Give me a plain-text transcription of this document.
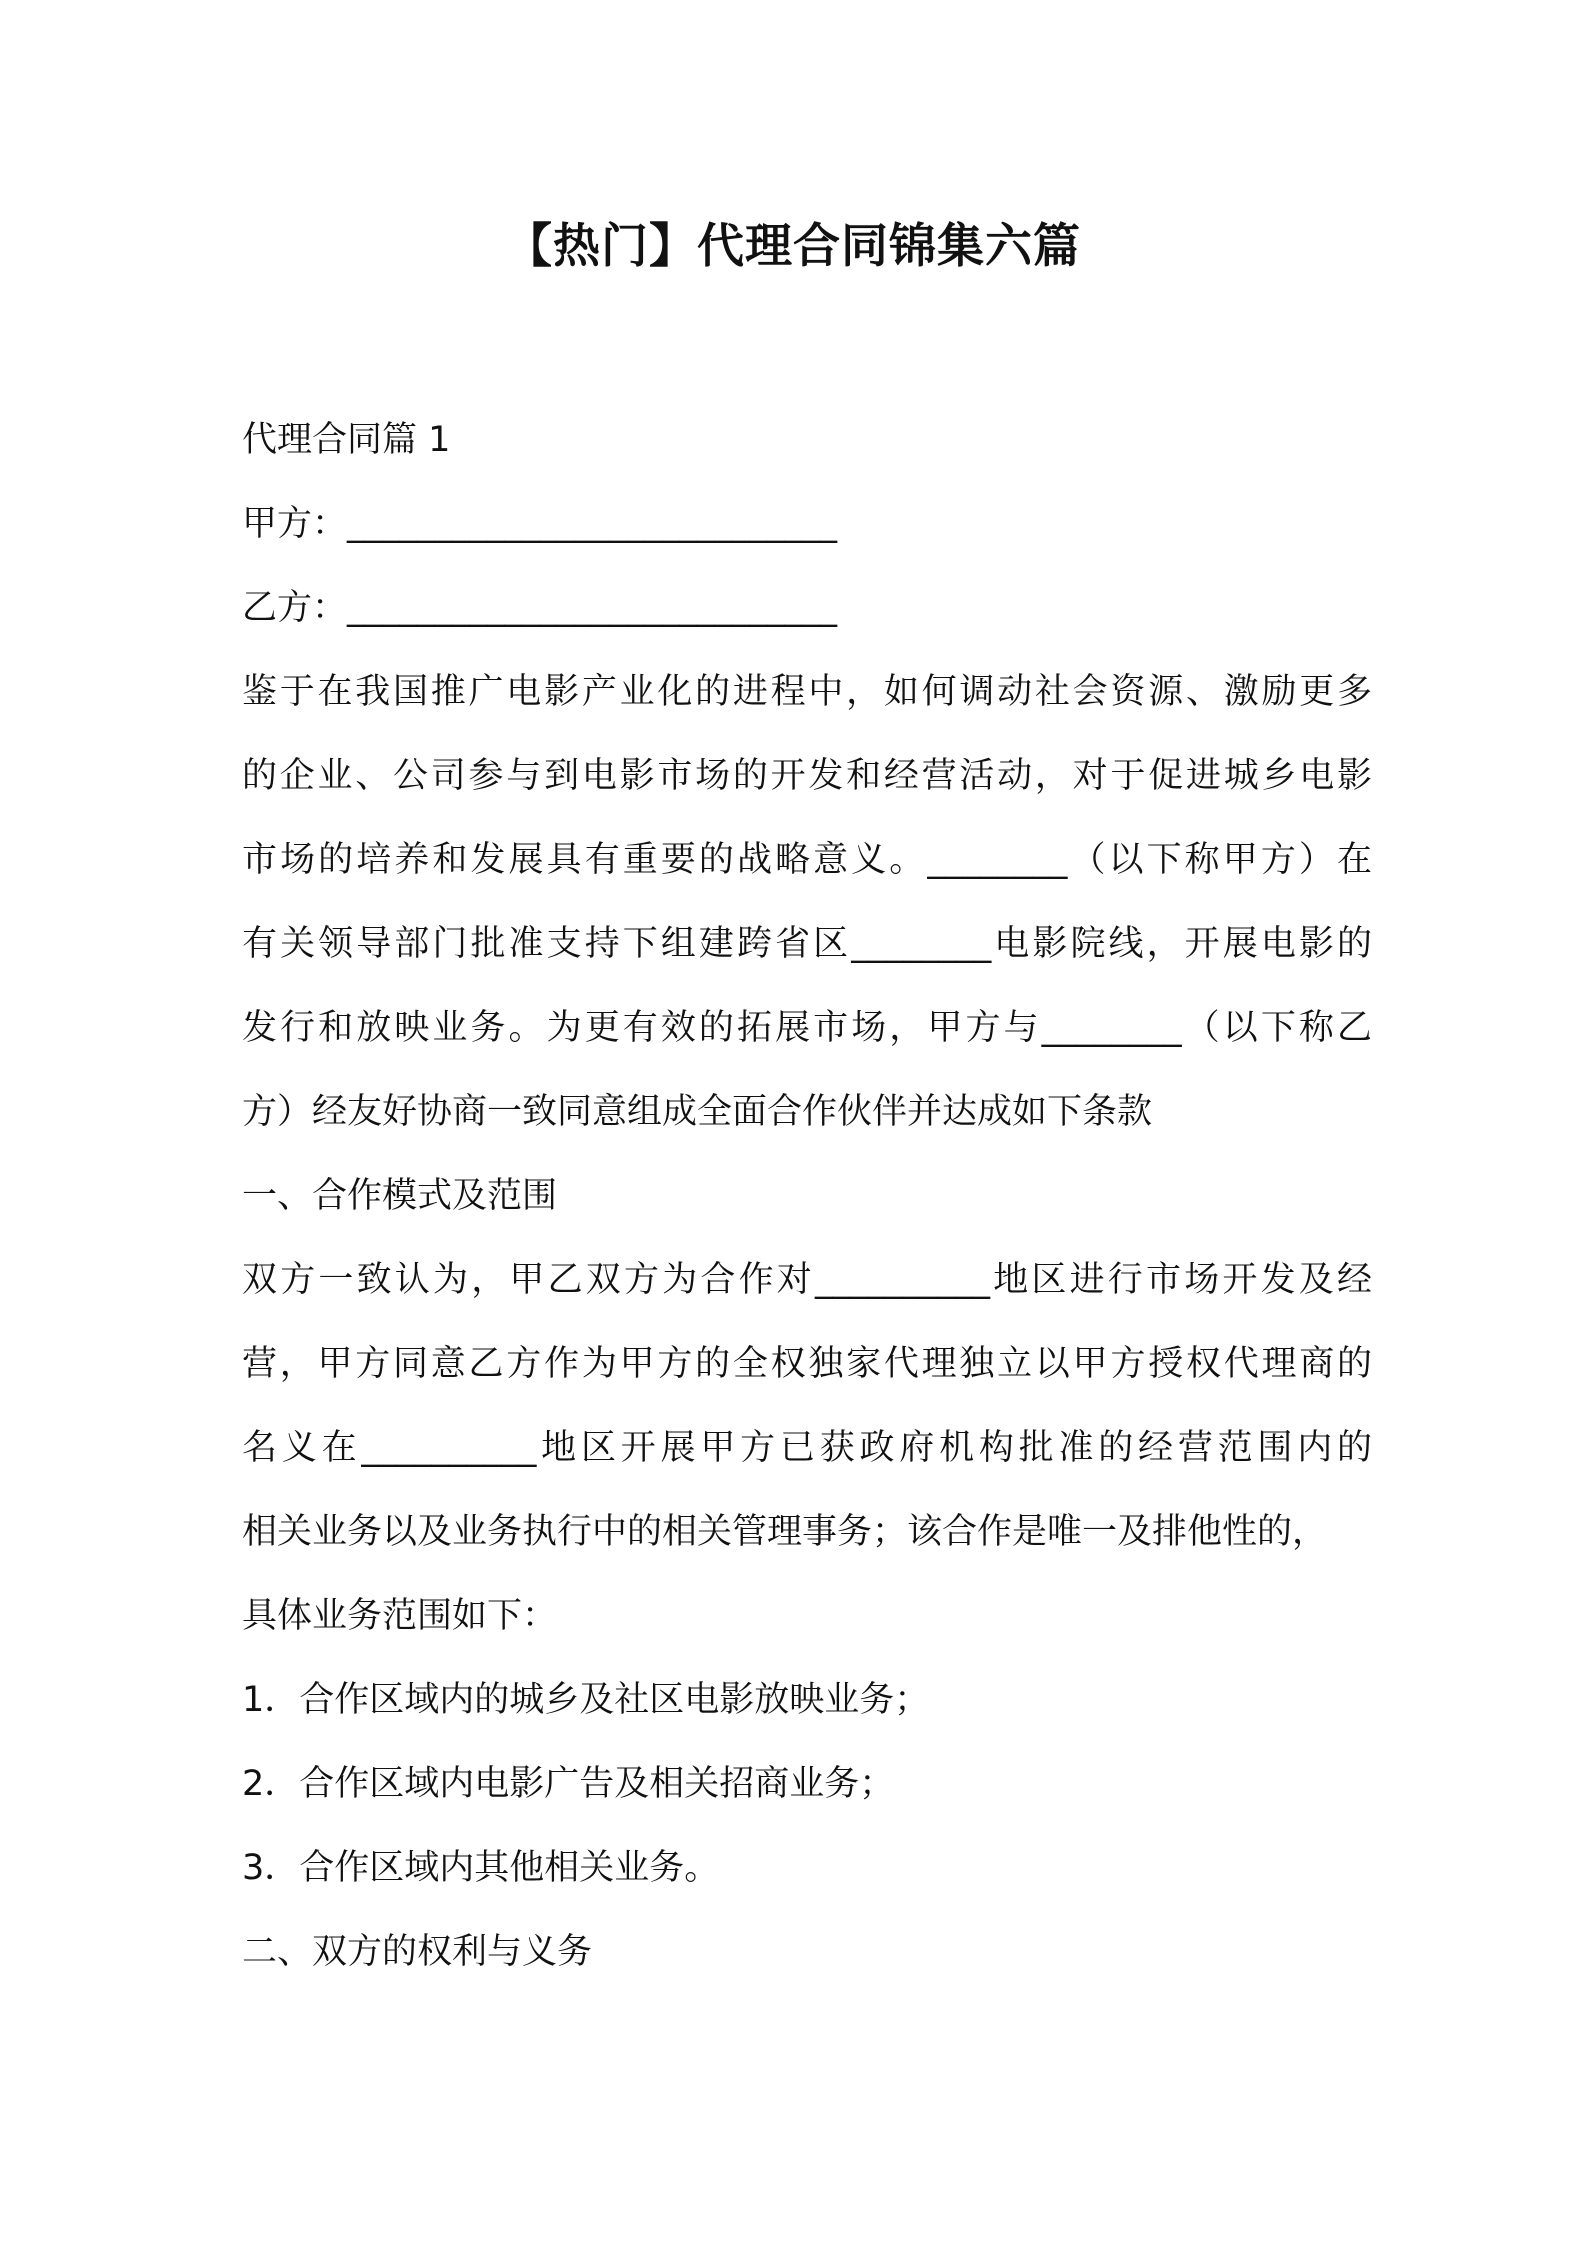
【热门】代理合同锦集六篇
代理合同篇 1
甲方：____________________________
乙方：____________________________
鉴于在我国推广电影产业化的进程中，如何调动社会资源、激励更多
的企业、公司参与到电影市场的开发和经营活动，对于促进城乡电影
市场的培养和发展具有重要的战略意义。________（以下称甲方）在
有关领导部门批准支持下组建跨省区________电影院线，开展电影的
发行和放映业务。为更有效的拓展市场，甲方与________（以下称乙
方）经友好协商一致同意组成全面合作伙伴并达成如下条款
一、合作模式及范围
双方一致认为，甲乙双方为合作对__________地区进行市场开发及经
营，甲方同意乙方作为甲方的全权独家代理独立以甲方授权代理商的
名义在__________地区开展甲方已获政府机构批准的经营范围内的
相关业务以及业务执行中的相关管理事务；该合作是唯一及排他性的，
具体业务范围如下：
1．合作区域内的城乡及社区电影放映业务；
2．合作区域内电影广告及相关招商业务；
3．合作区域内其他相关业务。
二、双方的权利与义务
